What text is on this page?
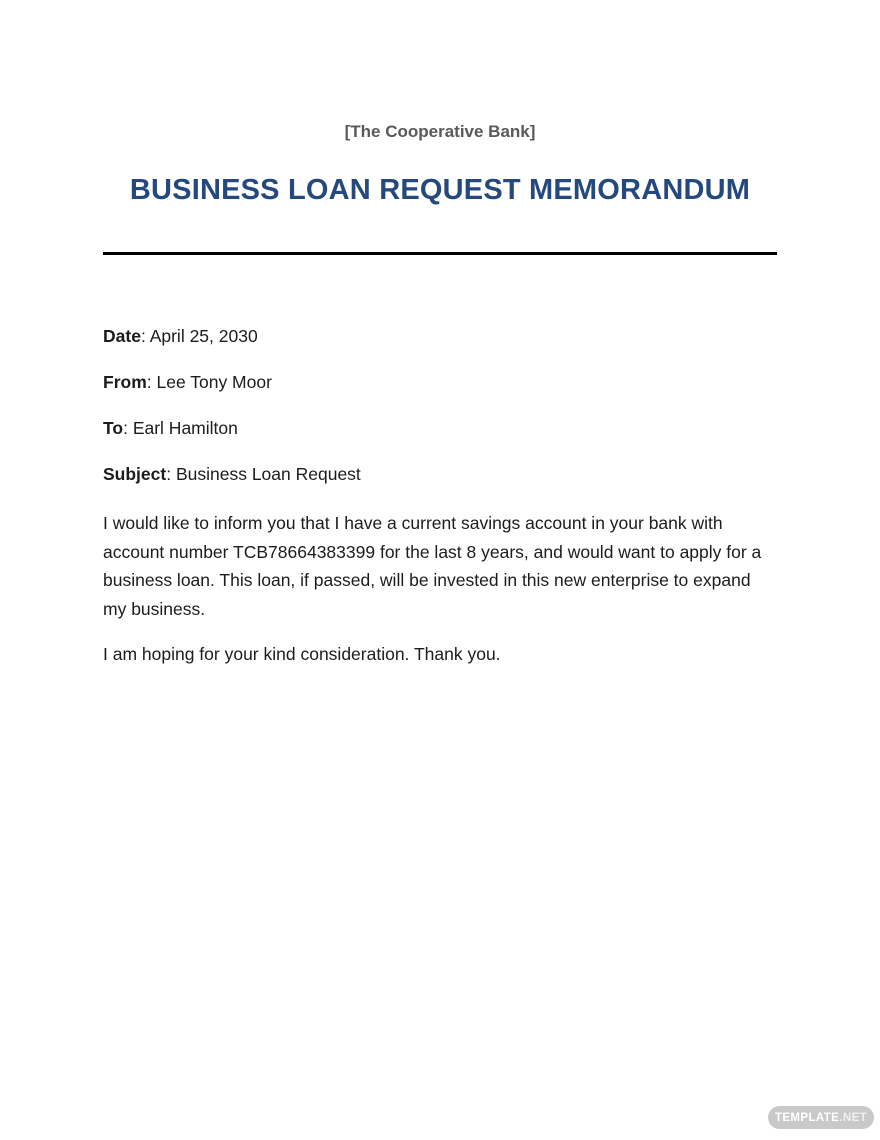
[The Cooperative Bank]
BUSINESS LOAN REQUEST MEMORANDUM

Date: April 25, 2030

From: Lee Tony Moor

To: Earl Hamilton

Subject: Business Loan Request

I would like to inform you that I have a current savings account in your bank with account number TCB78664383399 for the last 8 years, and would want to apply for a business loan. This loan, if passed, will be invested in this new enterprise to expand my business.

I am hoping for your kind consideration. Thank you.

TEMPLATE .NET
